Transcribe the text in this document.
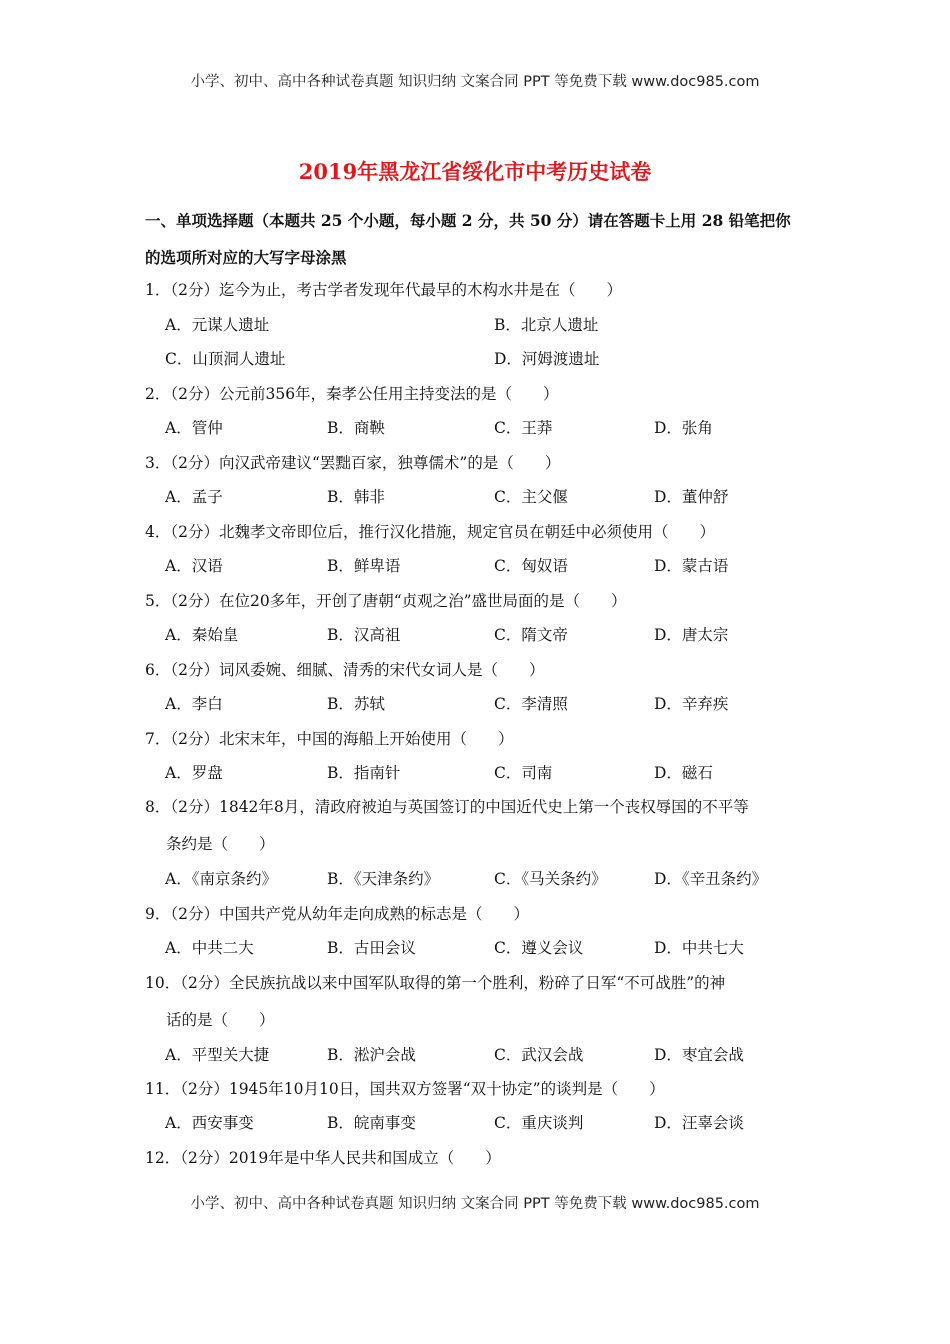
小学、初中、高中各种试卷真题 知识归纳 文案合同 PPT 等免费下载 www.doc985.com
2019年黑龙江省绥化市中考历史试卷
一、单项选择题（本题共 25 个小题，每小题 2 分，共 50 分）请在答题卡上用 28 铅笔把你
的选项所对应的大写字母涂黑
1．（2分）迄今为止，考古学者发现年代最早的木构水井是在（　　）
A．元谋人遗址	B．北京人遗址
C．山顶洞人遗址	D．河姆渡遗址
2．（2分）公元前356年，秦孝公任用主持变法的是（　　）
A．管仲	B．商鞅	C．王莽	D．张角
3．（2分）向汉武帝建议“罢黜百家，独尊儒术”的是（　　）
A．孟子	B．韩非	C．主父偃	D．董仲舒
4．（2分）北魏孝文帝即位后，推行汉化措施，规定官员在朝廷中必须使用（　　）
A．汉语	B．鲜卑语	C．匈奴语	D．蒙古语
5．（2分）在位20多年，开创了唐朝“贞观之治”盛世局面的是（　　）
A．秦始皇	B．汉高祖	C．隋文帝	D．唐太宗
6．（2分）词风委婉、细腻、清秀的宋代女词人是（　　）
A．李白	B．苏轼	C．李清照	D．辛弃疾
7．（2分）北宋末年，中国的海船上开始使用（　　）
A．罗盘	B．指南针	C．司南	D．磁石
8．（2分）1842年8月，清政府被迫与英国签订的中国近代史上第一个丧权辱国的不平等
条约是（　　）
A．《南京条约》	B．《天津条约》	C．《马关条约》	D．《辛丑条约》
9．（2分）中国共产党从幼年走向成熟的标志是（　　）
A．中共二大	B．古田会议	C．遵义会议	D．中共七大
10．（2分）全民族抗战以来中国军队取得的第一个胜利，粉碎了日军“不可战胜”的神
话的是（　　）
A．平型关大捷	B．淞沪会战	C．武汉会战	D．枣宜会战
11．（2分）1945年10月10日，国共双方签署“双十协定”的谈判是（　　）
A．西安事变	B．皖南事变	C．重庆谈判	D．汪辜会谈
12．（2分）2019年是中华人民共和国成立（　　）
小学、初中、高中各种试卷真题 知识归纳 文案合同 PPT 等免费下载 www.doc985.com
